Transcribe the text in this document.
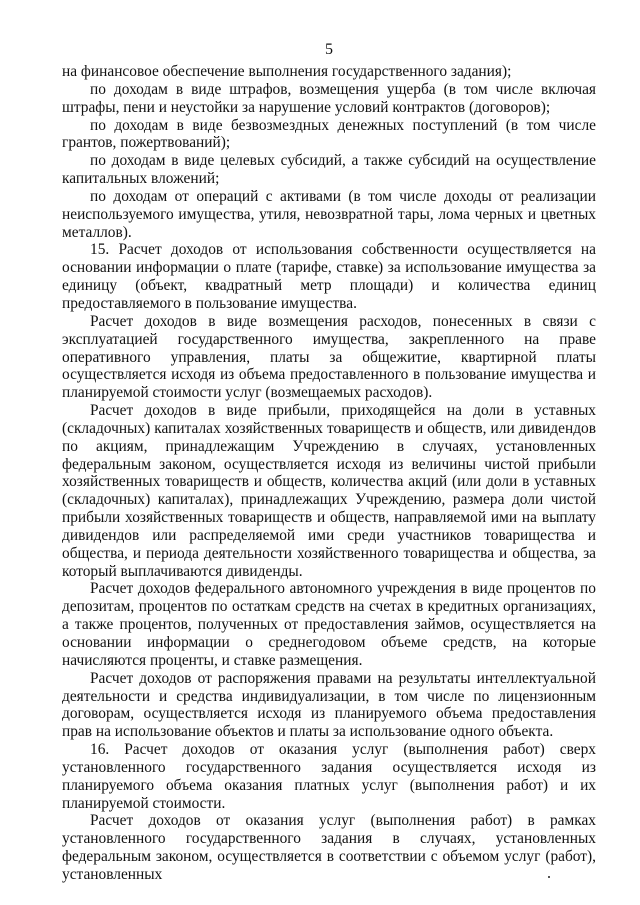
5

на финансовое обеспечение выполнения государственного задания);

по доходам в виде штрафов, возмещения ущерба (в том числе включая штрафы, пени и неустойки за нарушение условий контрактов (договоров);

по доходам в виде безвозмездных денежных поступлений (в том числе грантов, пожертвований);

по доходам в виде целевых субсидий, а также субсидий на осуществление капитальных вложений;

по доходам от операций с активами (в том числе доходы от реализации неиспользуемого имущества, утиля, невозвратной тары, лома черных и цветных металлов).

15. Расчет доходов от использования собственности осуществляется на основании информации о плате (тарифе, ставке) за использование имущества за единицу (объект, квадратный метр площади) и количества единиц предоставляемого в пользование имущества.

Расчет доходов в виде возмещения расходов, понесенных в связи с эксплуатацией государственного имущества, закрепленного на праве оперативного управления, платы за общежитие, квартирной платы осуществляется исходя из объема предоставленного в пользование имущества и планируемой стоимости услуг (возмещаемых расходов).

Расчет доходов в виде прибыли, приходящейся на доли в уставных (складочных) капиталах хозяйственных товариществ и обществ, или дивидендов по акциям, принадлежащим Учреждению в случаях, установленных федеральным законом, осуществляется исходя из величины чистой прибыли хозяйственных товариществ и обществ, количества акций (или доли в уставных (складочных) капиталах), принадлежащих Учреждению, размера доли чистой прибыли хозяйственных товариществ и обществ, направляемой ими на выплату дивидендов или распределяемой ими среди участников товарищества и общества, и периода деятельности хозяйственного товарищества и общества, за который выплачиваются дивиденды.

Расчет доходов федерального автономного учреждения в виде процентов по депозитам, процентов по остаткам средств на счетах в кредитных организациях, а также процентов, полученных от предоставления займов, осуществляется на основании информации о среднегодовом объеме средств, на которые начисляются проценты, и ставке размещения.

Расчет доходов от распоряжения правами на результаты интеллектуальной деятельности и средства индивидуализации, в том числе по лицензионным договорам, осуществляется исходя из планируемого объема предоставления прав на использование объектов и платы за использование одного объекта.

16. Расчет доходов от оказания услуг (выполнения работ) сверх установленного государственного задания осуществляется исходя из планируемого объема оказания платных услуг (выполнения работ) и их планируемой стоимости.

Расчет доходов от оказания услуг (выполнения работ) в рамках установленного государственного задания в случаях, установленных федеральным законом, осуществляется в соответствии с объемом услуг (работ), установленных
